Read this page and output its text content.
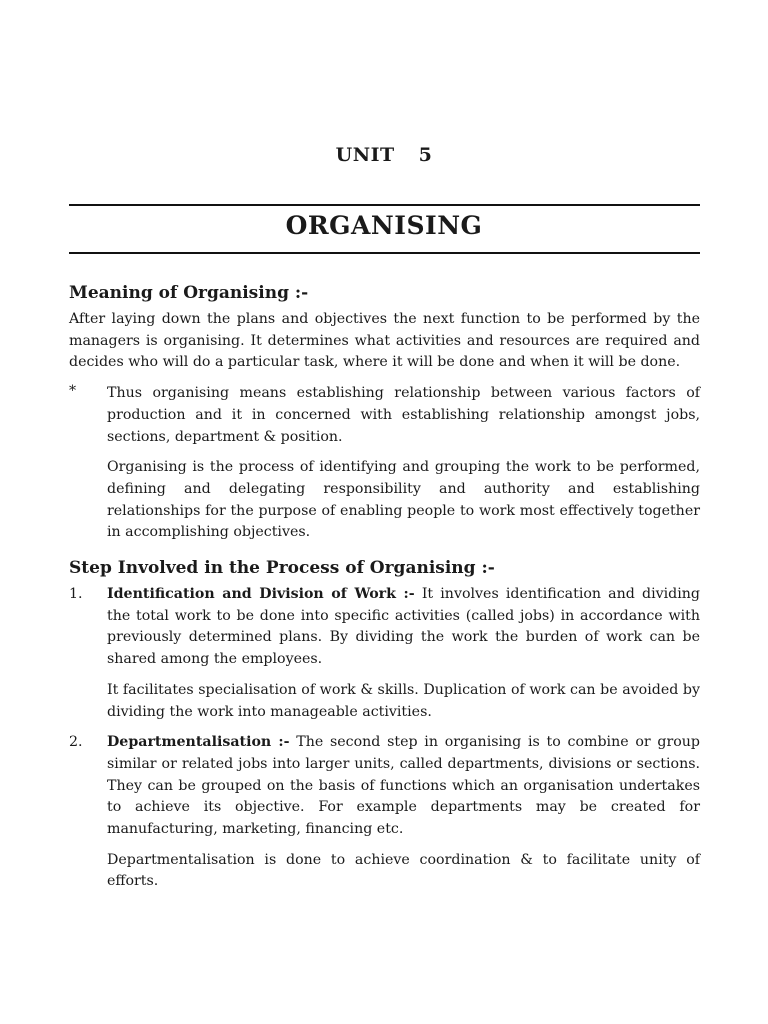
UNIT 5
ORGANISING
Meaning of Organising :-

After laying down the plans and objectives the next function to be performed by the managers is organising. It determines what activities and resources are required and decides who will do a particular task, where it will be done and when it will be done.

* Thus organising means establishing relationship between various factors of production and it in concerned with establishing relationship amongst jobs, sections, department & position.

Organising is the process of identifying and grouping the work to be performed, defining and delegating responsibility and authority and establishing relationships for the purpose of enabling people to work most effectively together in accomplishing objectives.

Step Involved in the Process of Organising :-
1. Identification and Division of Work :- It involves identification and dividing the total work to be done into specific activities (called jobs) in accordance with previously determined plans. By dividing the work the burden of work can be shared among the employees.

It facilitates specialisation of work & skills. Duplication of work can be avoided by dividing the work into manageable activities.

2. Departmentalisation :- The second step in organising is to combine or group similar or related jobs into larger units, called departments, divisions or sections. They can be grouped on the basis of functions which an organisation undertakes to achieve its objective. For example departments may be created for manufacturing, marketing, financing etc.

Departmentalisation is done to achieve coordination & to facilitate unity of efforts.
